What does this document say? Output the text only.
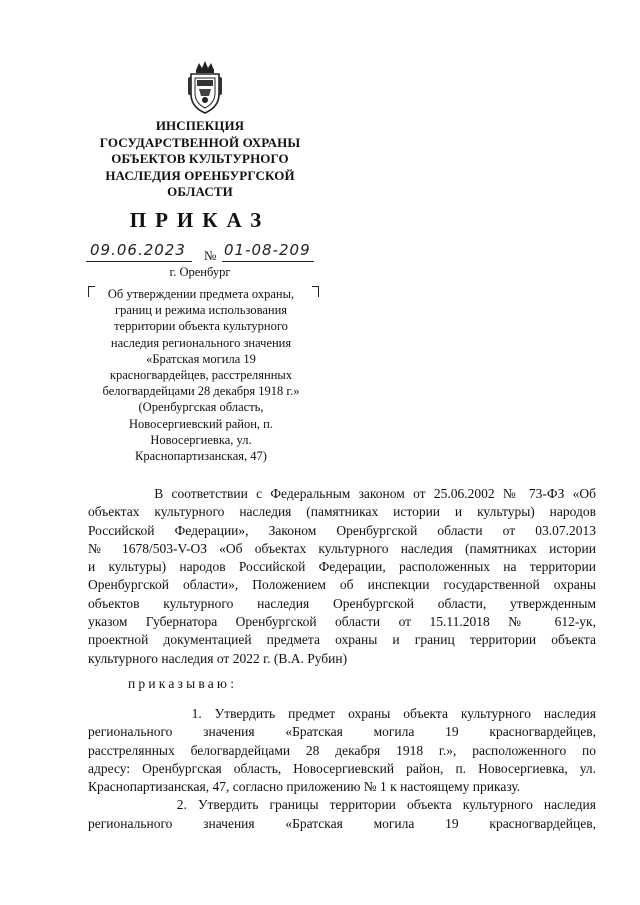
ИНСПЕКЦИЯ
ГОСУДАРСТВЕННОЙ ОХРАНЫ
ОБЪЕКТОВ КУЛЬТУРНОГО
НАСЛЕДИЯ ОРЕНБУРГСКОЙ
ОБЛАСТИ
ПРИКАЗ
09.06.2023 № 01-08-209
г. Оренбург
Об утверждении предмета охраны,
границ и режима использования
территории объекта культурного
наследия регионального значения
«Братская могила 19
красногвардейцев, расстрелянных
белогвардейцами 28 декабря 1918 г.»
(Оренбургская область,
Новосергиевский район, п.
Новосергиевка, ул.
Краснопартизанская, 47)
В соответствии с Федеральным законом от 25.06.2002 № 73-ФЗ «Об
объектах культурного наследия (памятниках истории и культуры) народов
Российской Федерации», Законом Оренбургской области от 03.07.2013
№ 1678/503-V-ОЗ «Об объектах культурного наследия (памятниках истории
и культуры) народов Российской Федерации, расположенных на территории
Оренбургской области», Положением об инспекции государственной охраны
объектов культурного наследия Оренбургской области, утвержденным
указом Губернатора Оренбургской области от 15.11.2018 № 612-ук,
проектной документацией предмета охраны и границ территории объекта
культурного наследия от 2022 г. (В.А. Рубин)
приказываю:
1. Утвердить предмет охраны объекта культурного наследия
регионального значения «Братская могила 19 красногвардейцев,
расстрелянных белогвардейцами 28 декабря 1918 г.», расположенного по
адресу: Оренбургская область, Новосергиевский район, п. Новосергиевка, ул.
Краснопартизанская, 47, согласно приложению № 1 к настоящему приказу.
2. Утвердить границы территории объекта культурного наследия
регионального значения «Братская могила 19 красногвардейцев,
